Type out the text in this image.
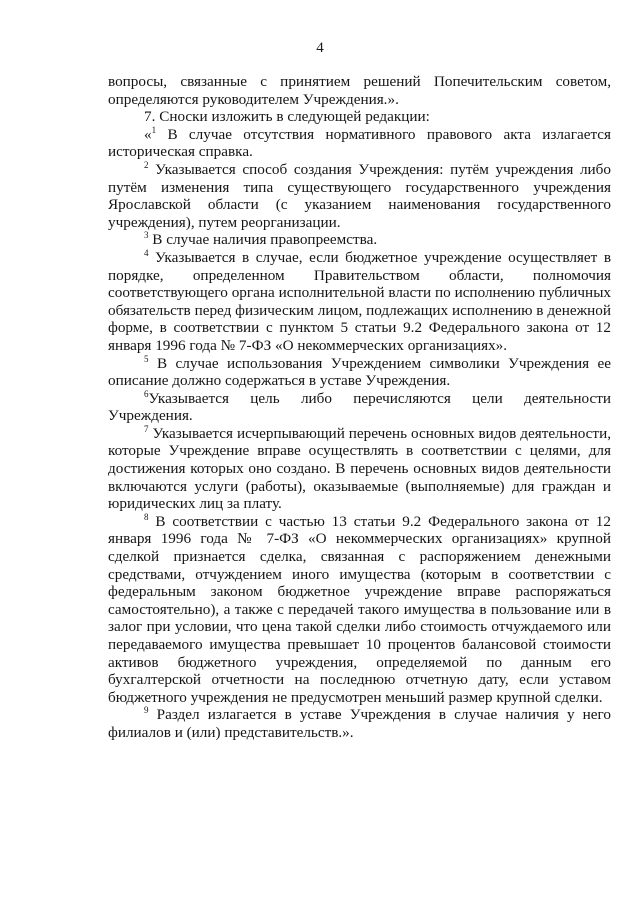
4

вопросы, связанные с принятием решений Попечительским советом, определяются руководителем Учреждения.».

7. Сноски изложить в следующей редакции:

«$^1$ В случае отсутствия нормативного правового акта излагается историческая справка.

$^2$ Указывается способ создания Учреждения: путём учреждения либо путём изменения типа существующего государственного учреждения Ярославской области (с указанием наименования государственного учреждения), путем реорганизации.

$^3$ В случае наличия правопреемства.

$^4$ Указывается в случае, если бюджетное учреждение осуществляет в порядке, определенном Правительством области, полномочия соответствующего органа исполнительной власти по исполнению публичных обязательств перед физическим лицом, подлежащих исполнению в денежной форме, в соответствии с пунктом 5 статьи 9.2 Федерального закона от 12 января 1996 года № 7-ФЗ «О некоммерческих организациях».

$^5$ В случае использования Учреждением символики Учреждения ее описание должно содержаться в уставе Учреждения.

$^6$Указывается цель либо перечисляются цели деятельности Учреждения.

$^7$ Указывается исчерпывающий перечень основных видов деятельности, которые Учреждение вправе осуществлять в соответствии с целями, для достижения которых оно создано. В перечень основных видов деятельности включаются услуги (работы), оказываемые (выполняемые) для граждан и юридических лиц за плату.

$^8$ В соответствии с частью 13 статьи 9.2 Федерального закона от 12 января 1996 года № 7-ФЗ «О некоммерческих организациях» крупной сделкой признается сделка, связанная с распоряжением денежными средствами, отчуждением иного имущества (которым в соответствии с федеральным законом бюджетное учреждение вправе распоряжаться самостоятельно), а также с передачей такого имущества в пользование или в залог при условии, что цена такой сделки либо стоимость отчуждаемого или передаваемого имущества превышает 10 процентов балансовой стоимости активов бюджетного учреждения, определяемой по данным его бухгалтерской отчетности на последнюю отчетную дату, если уставом бюджетного учреждения не предусмотрен меньший размер крупной сделки.

$^9$ Раздел излагается в уставе Учреждения в случае наличия у него филиалов и (или) представительств.».
